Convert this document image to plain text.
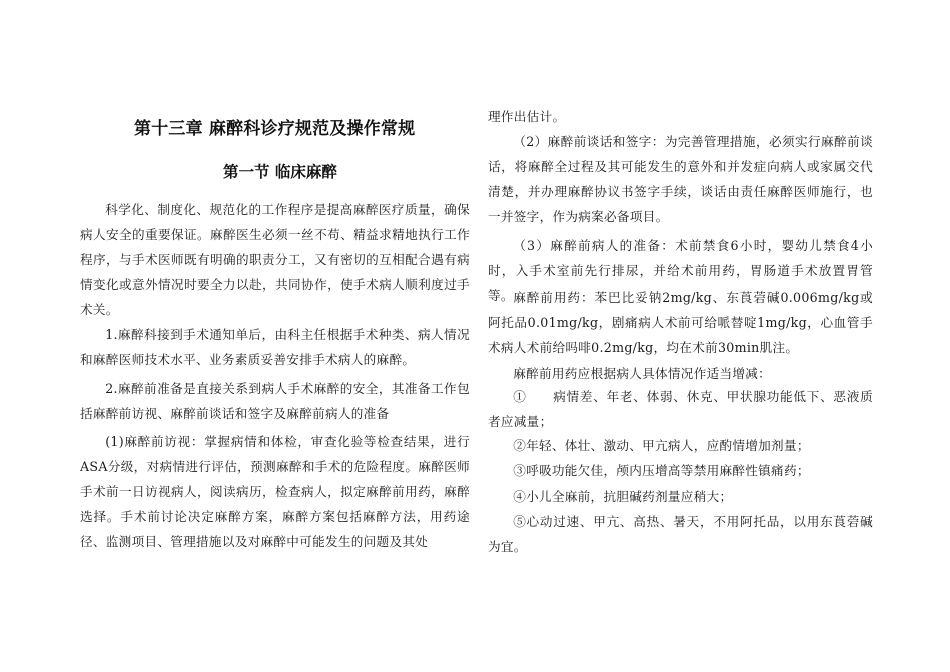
第十三章 麻醉科诊疗规范及操作常规
第一节 临床麻醉

科学化、制度化、规范化的工作程序是提高麻醉医疗质量，确保病人安全的重要保证。麻醉医生必须一丝不苟、精益求精地执行工作程序，与手术医师既有明确的职责分工，又有密切的互相配合遇有病情变化或意外情况时要全力以赴，共同协作，使手术病人顺利度过手术关。

1.麻醉科接到手术通知单后，由科主任根据手术种类、病人情况和麻醉医师技术水平、业务素质妥善安排手术病人的麻醉。

2.麻醉前准备是直接关系到病人手术麻醉的安全，其准备工作包括麻醉前访视、麻醉前谈话和签字及麻醉前病人的准备

(1)麻醉前访视：掌握病情和体检，审查化验等检查结果，进行ASA分级，对病情进行评估，预测麻醉和手术的危险程度。麻醉医师手术前一日访视病人，阅读病历，检查病人，拟定麻醉前用药，麻醉选择。手术前讨论决定麻醉方案，麻醉方案包括麻醉方法，用药途径、监测项目、管理措施以及对麻醉中可能发生的问题及其处

理作出估计。

（2）麻醉前谈话和签字：为完善管理措施，必须实行麻醉前谈话，将麻醉全过程及其可能发生的意外和并发症向病人或家属交代清楚，并办理麻醉协议书签字手续，谈话由责任麻醉医师施行，也一并签字，作为病案必备项目。

（3）麻醉前病人的准备：术前禁食6小时，婴幼儿禁食4小时，入手术室前先行排尿，并给术前用药，胃肠道手术放置胃管等。 麻醉前用药：苯巴比妥钠2mg/kg、东莨菪碱0.006mg/kg或阿托品0.01mg/kg，剧痛病人术前可给哌替啶1mg/kg，心血管手术病人术前给吗啡0.2mg/kg，均在术前30min肌注。

麻醉前用药应根据病人具体情况作适当增减：

①　　病情差、年老、体弱、休克、甲状腺功能低下、恶液质者应减量；

②年轻、体壮、激动、甲亢病人，应酌情增加剂量；

③呼吸功能欠佳，颅内压增高等禁用麻醉性镇痛药；

④小儿全麻前，抗胆碱药剂量应稍大；

⑤心动过速、甲亢、高热、暑天，不用阿托品，以用东莨菪碱为宜。
